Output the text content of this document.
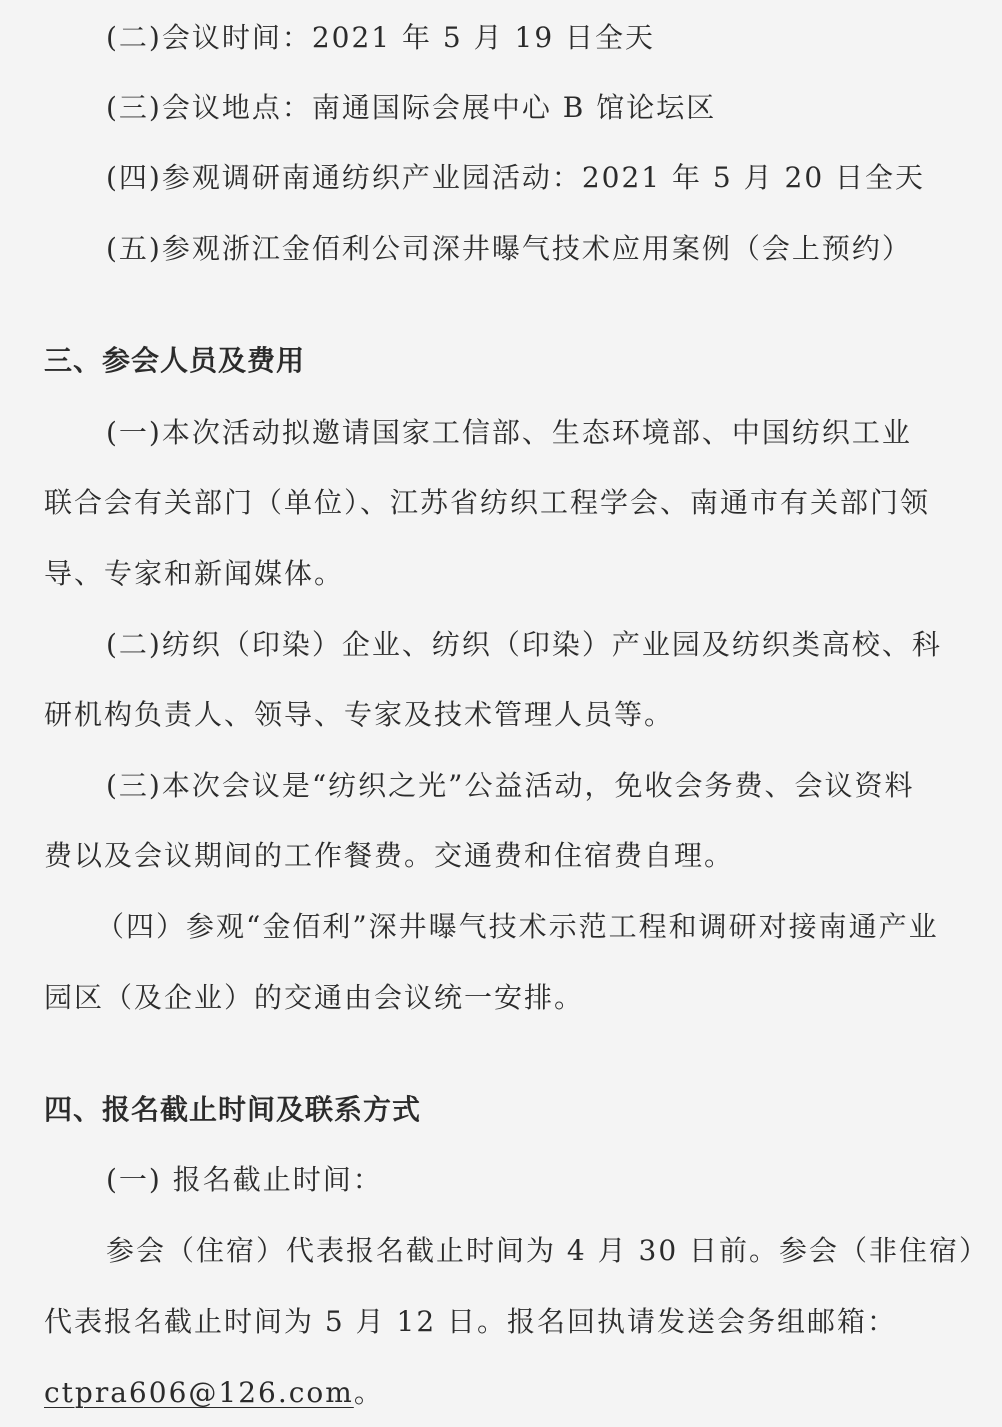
(二)会议时间：2021 年 5 月 19 日全天
(三)会议地点：南通国际会展中心 B 馆论坛区
(四)参观调研南通纺织产业园活动：2021 年 5 月 20 日全天
(五)参观浙江金佰利公司深井曝气技术应用案例（会上预约）
三、参会人员及费用
(一)本次活动拟邀请国家工信部、生态环境部、中国纺织工业
联合会有关部门（单位）、江苏省纺织工程学会、南通市有关部门领
导、专家和新闻媒体。
(二)纺织（印染）企业、纺织（印染）产业园及纺织类高校、科
研机构负责人、领导、专家及技术管理人员等。
(三)本次会议是“纺织之光”公益活动，免收会务费、会议资料
费以及会议期间的工作餐费。交通费和住宿费自理。
（四）参观“金佰利”深井曝气技术示范工程和调研对接南通产业
园区（及企业）的交通由会议统一安排。
四、报名截止时间及联系方式
(一) 报名截止时间：
参会（住宿）代表报名截止时间为 4 月 30 日前。参会（非住宿）
代表报名截止时间为 5 月 12 日。报名回执请发送会务组邮箱：
ctpra606@126.com。
